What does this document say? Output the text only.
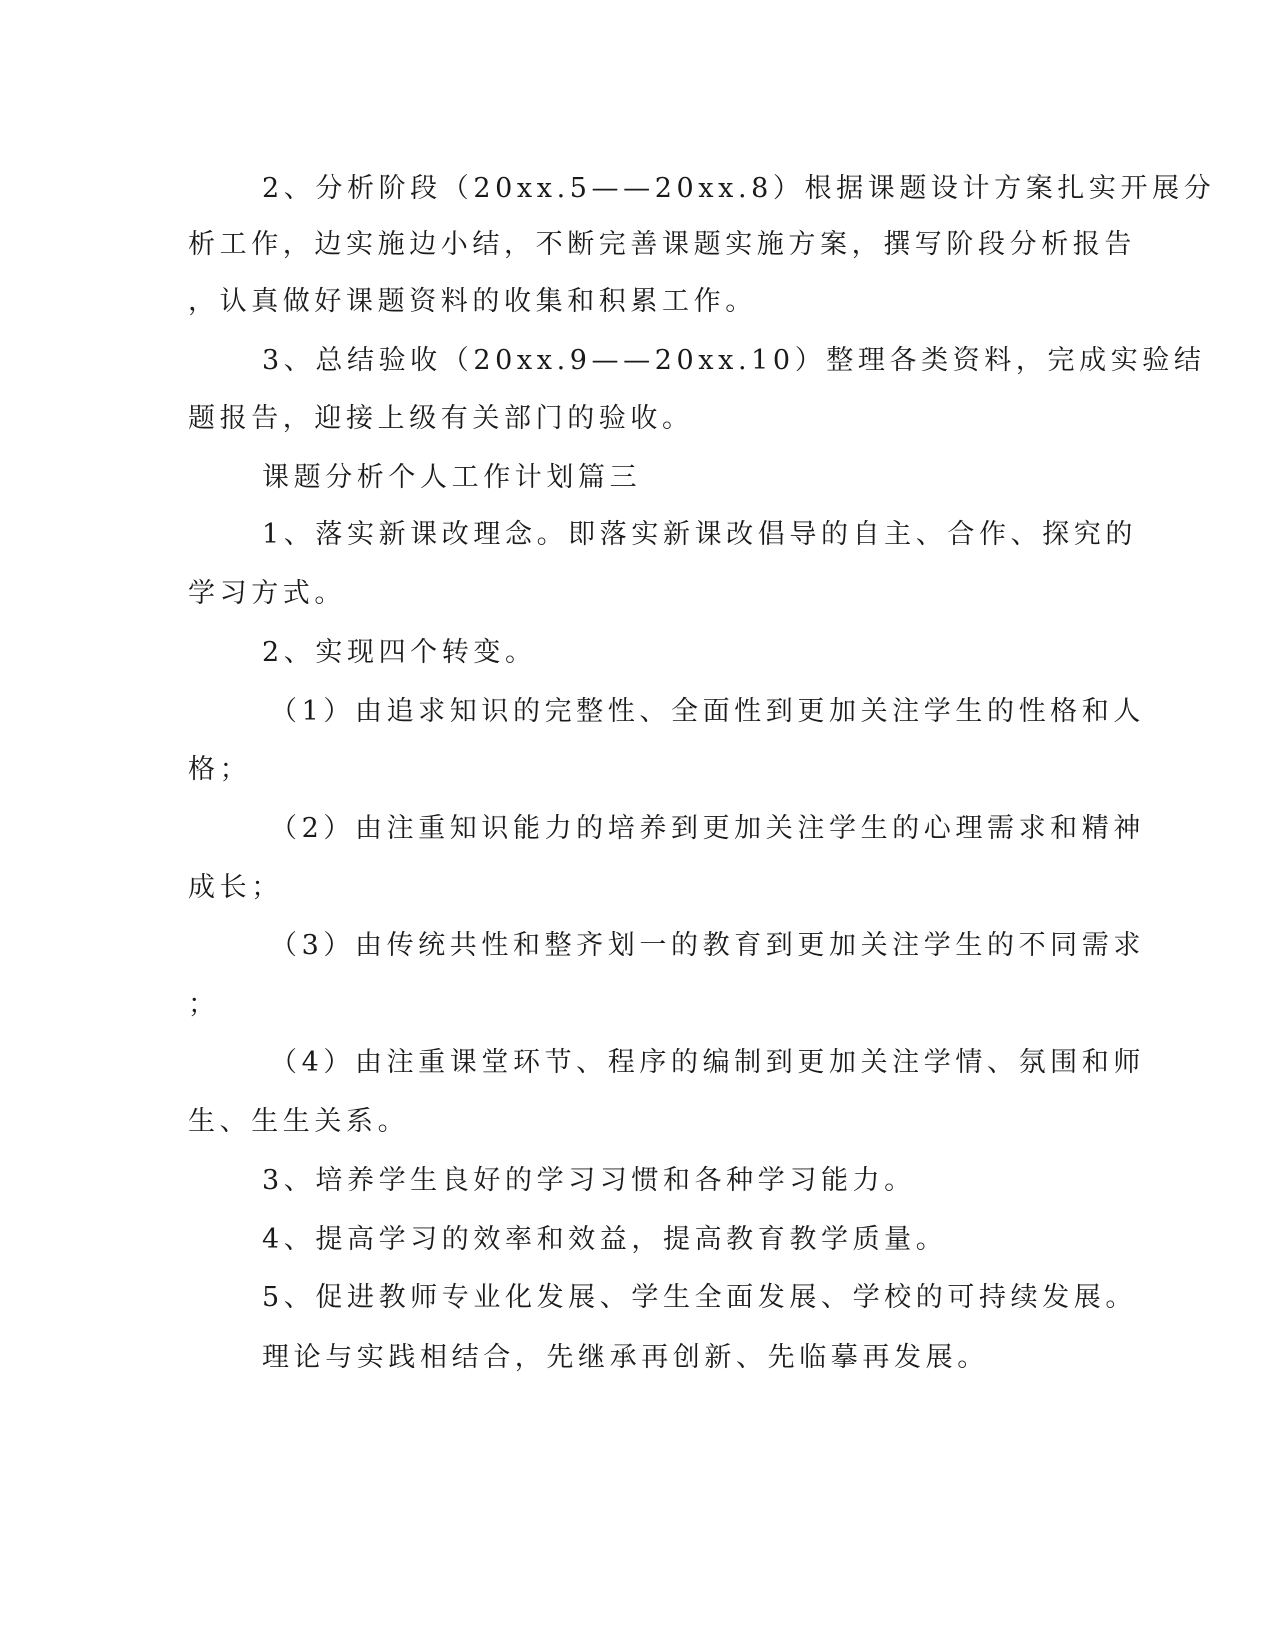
2、分析阶段（20xx.5——20xx.8）根据课题设计方案扎实开展分

析工作，边实施边小结，不断完善课题实施方案，撰写阶段分析报告

，认真做好课题资料的收集和积累工作。

3、总结验收（20xx.9——20xx.10）整理各类资料，完成实验结

题报告，迎接上级有关部门的验收。

课题分析个人工作计划篇三

1、落实新课改理念。即落实新课改倡导的自主、合作、探究的

学习方式。

2、实现四个转变。

（1）由追求知识的完整性、全面性到更加关注学生的性格和人

格；

（2）由注重知识能力的培养到更加关注学生的心理需求和精神

成长；

（3）由传统共性和整齐划一的教育到更加关注学生的不同需求

；

（4）由注重课堂环节、程序的编制到更加关注学情、氛围和师

生、生生关系。

3、培养学生良好的学习习惯和各种学习能力。

4、提高学习的效率和效益，提高教育教学质量。

5、促进教师专业化发展、学生全面发展、学校的可持续发展。

理论与实践相结合，先继承再创新、先临摹再发展。
